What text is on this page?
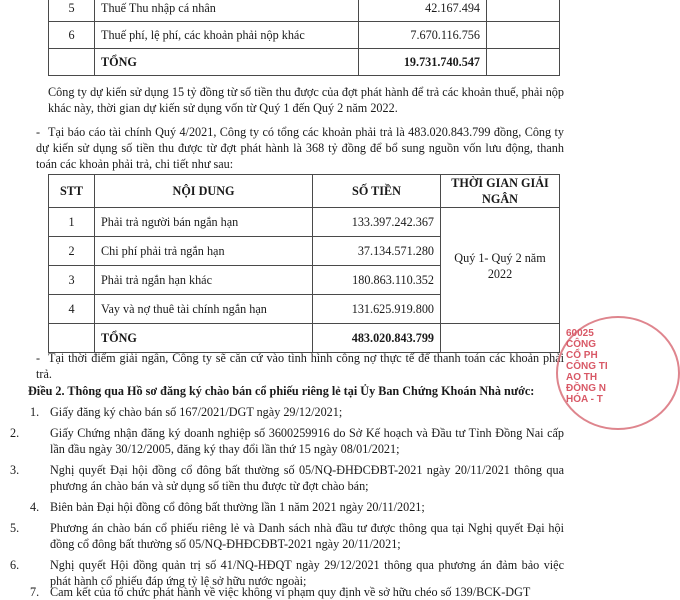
5	Thuế Thu nhập cá nhân	42.167.494	
6	Thuế phí, lệ phí, các khoản phải nộp khác	7.670.116.756	
	TỔNG	19.731.740.547	

Công ty dự kiến sử dụng 15 tỷ đồng từ số tiền thu được của đợt phát hành để trả các khoản thuế, phải nộp khác này, thời gian dự kiến sử dụng vốn từ Quý 1 đến Quý 2 năm 2022.

- Tại báo cáo tài chính Quý 4/2021, Công ty có tổng các khoản phải trả là 483.020.843.799 đồng, Công ty dự kiến sử dụng số tiền thu được từ đợt phát hành là 368 tỷ đồng để bổ sung nguồn vốn lưu động, thanh toán các khoản phải trả, chi tiết như sau:

STT	NỘI DUNG	SỐ TIỀN	THỜI GIAN GIẢI NGÂN
1	Phải trả người bán ngắn hạn	133.397.242.367	Quý 1- Quý 2 năm 2022
2	Chi phí phải trả ngắn hạn	37.134.571.280	
3	Phải trả ngắn hạn khác	180.863.110.352	
4	Vay và nợ thuê tài chính ngắn hạn	131.625.919.800	
	TỔNG	483.020.843.799	

- Tại thời điểm giải ngân, Công ty sẽ căn cứ vào tình hình công nợ thực tế để thanh toán các khoản phải trả.

Điều 2. Thông qua Hồ sơ đăng ký chào bán cổ phiếu riêng lẻ tại Ủy Ban Chứng Khoán Nhà nước:

1. Giấy đăng ký chào bán số 167/2021/DGT ngày 29/12/2021;
2.	Giấy Chứng nhận đăng ký doanh nghiệp số 3600259916 do Sở Kế hoạch và Đầu tư Tỉnh Đồng Nai cấp lần đầu ngày 30/12/2005, đăng ký thay đổi lần thứ 15 ngày 08/01/2021;
3.	Nghị quyết Đại hội đồng cổ đông bất thường số 05/NQ-ĐHĐCĐBT-2021 ngày 20/11/2021 thông qua phương án chào bán và sử dụng số tiền thu được từ đợt chào bán;
4. Biên bản Đại hội đồng cổ đông bất thường lần 1 năm 2021 ngày 20/11/2021;
5.	Phương án chào bán cổ phiếu riêng lẻ và Danh sách nhà đầu tư được thông qua tại Nghị quyết Đại hội đồng cổ đông bất thường số 05/NQ-ĐHĐCĐBT-2021 ngày 20/11/2021;
6.	Nghị quyết Hội đồng quản trị số 41/NQ-HĐQT ngày 29/12/2021 thông qua phương án đảm bảo việc phát hành cổ phiếu đáp ứng tỷ lệ sở hữu nước ngoài;
7. Cam kết của tổ chức phát hành về việc không vi phạm quy định về sở hữu chéo số 139/BCK-DGT
60025
CÔNG
CỔ PH
CÔNG TI
AO TH
ĐỒNG N
HÓA - T
